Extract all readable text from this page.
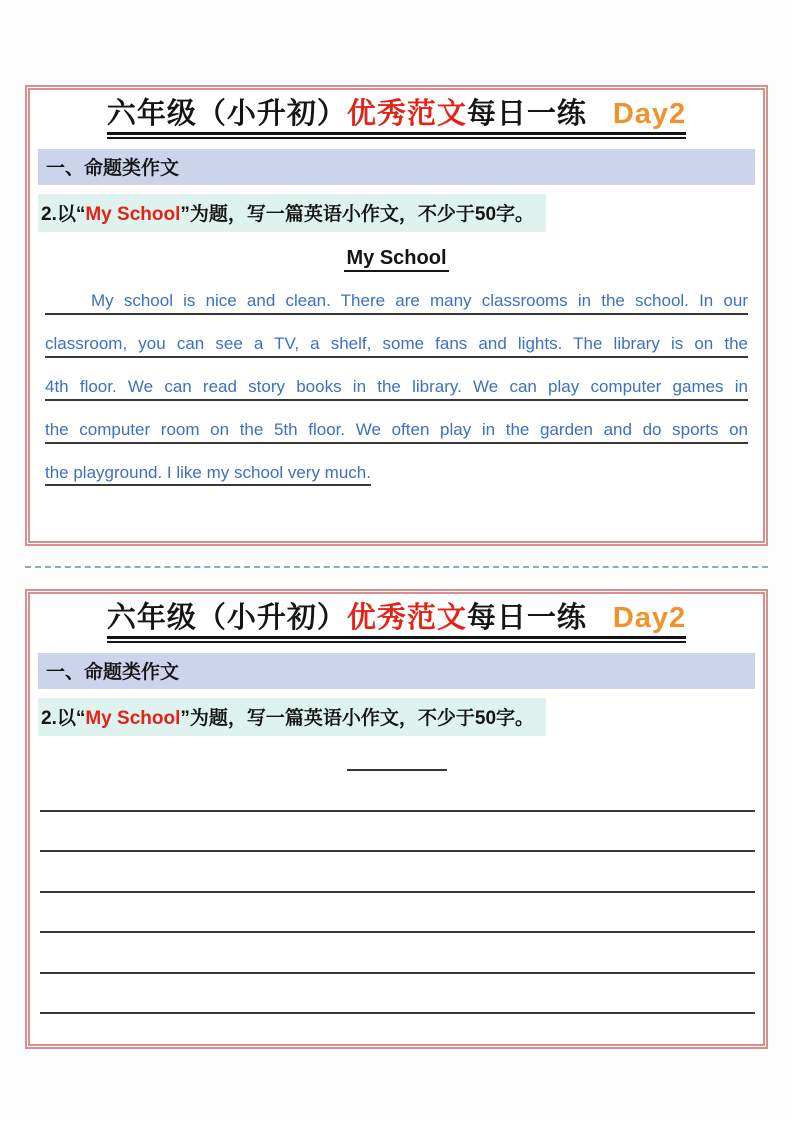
六年级（小升初）优秀范文每日一练 Day2
一、命题类作文
2.以“My School”为题，写一篇英语小作文，不少于50字。
My School
My school is nice and clean. There are many classrooms in the school. In our
classroom, you can see a TV, a shelf, some fans and lights. The library is on the
4th floor. We can read story books in the library. We can play computer games in
the computer room on the 5th floor. We often play in the garden and do sports on
the playground. I like my school very much.
六年级（小升初）优秀范文每日一练 Day2
一、命题类作文
2.以“My School”为题，写一篇英语小作文，不少于50字。
